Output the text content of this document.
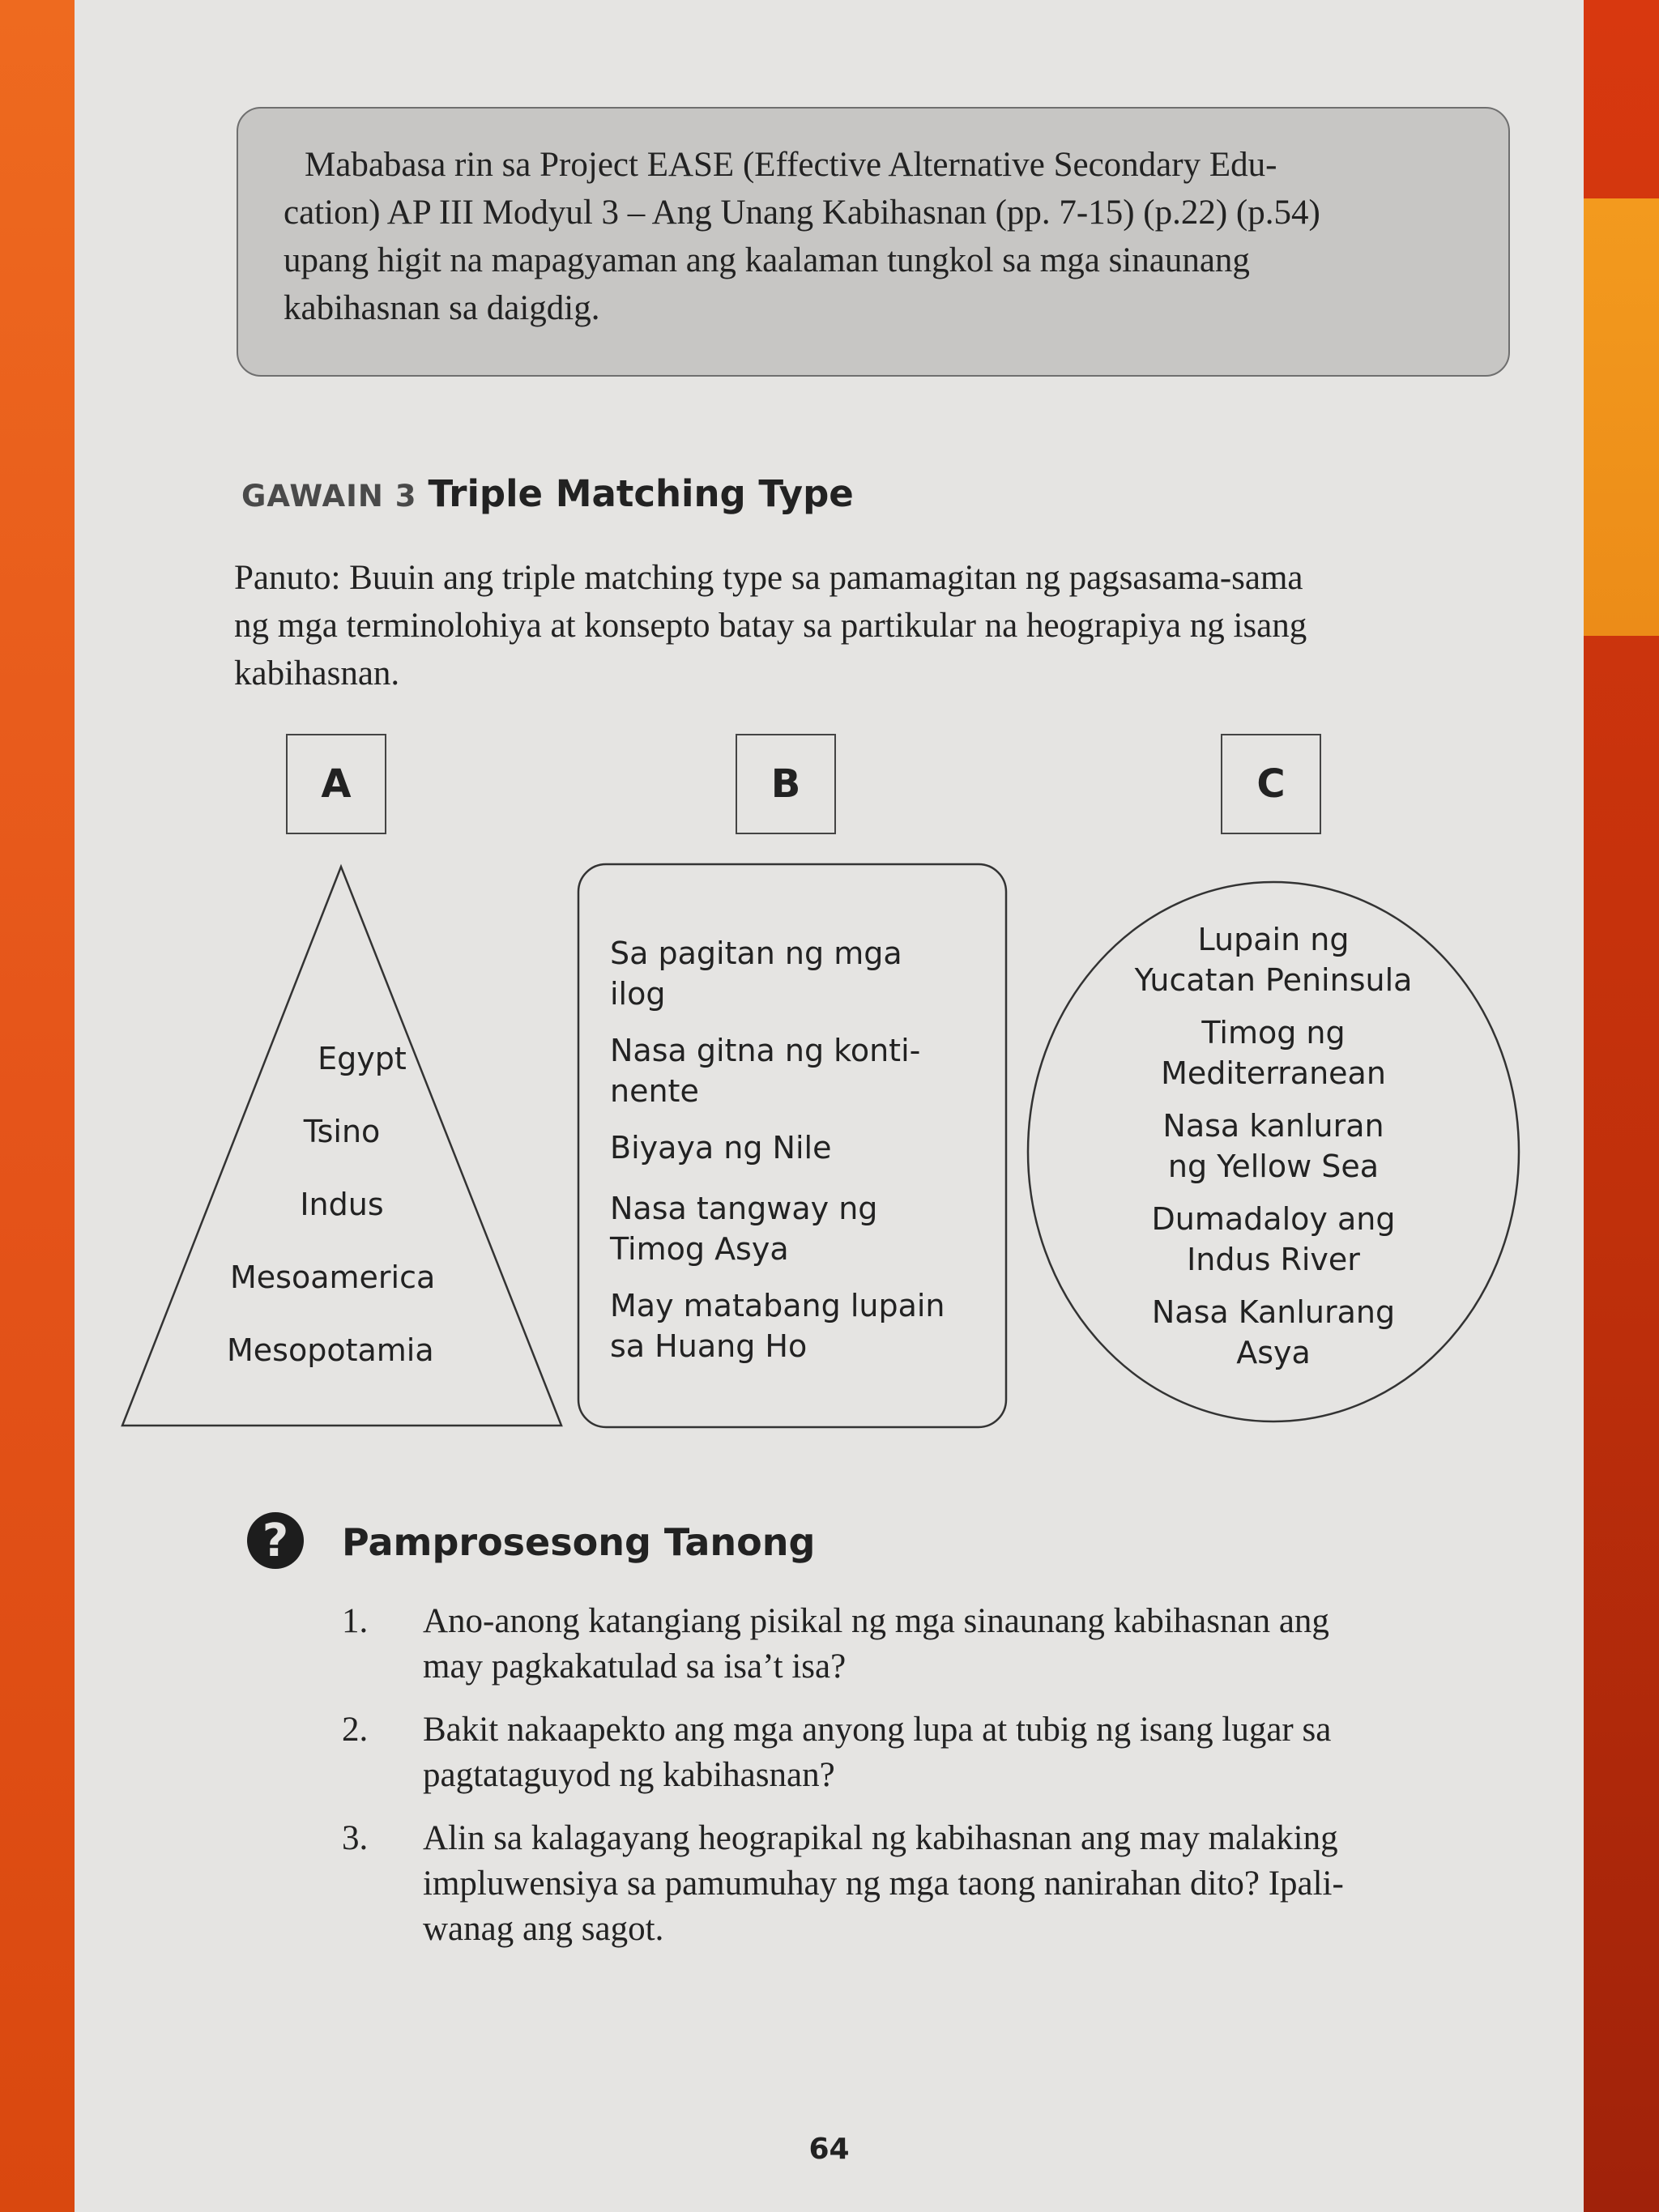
Mababasa rin sa Project EASE (Effective Alternative Secondary Edu-
cation) AP III Modyul 3 – Ang Unang Kabihasnan (pp. 7-15) (p.22) (p.54)
upang higit na mapagyaman ang kaalaman tungkol sa mga sinaunang
kabihasnan sa daigdig.

GAWAIN 3 Triple Matching Type

Panuto: Buuin ang triple matching type sa pamamagitan ng pagsasama-sama
ng mga terminolohiya at konsepto batay sa partikular na heograpiya ng isang
kabihasnan.

A	B	C
Egypt
Tsino
Indus
Mesoamerica
Mesopotamia
Sa pagitan ng mga
ilog
Nasa gitna ng konti-
nente
Biyaya ng Nile
Nasa tangway ng
Timog Asya
May matabang lupain
sa Huang Ho
Lupain ng
Yucatan Peninsula
Timog ng
Mediterranean
Nasa kanluran
ng Yellow Sea
Dumadaloy ang
Indus River
Nasa Kanlurang
Asya
?	Pamprosesong Tanong
1. Ano-anong katangiang pisikal ng mga sinaunang kabihasnan ang
may pagkakatulad sa isa’t isa?
2. Bakit nakaapekto ang mga anyong lupa at tubig ng isang lugar sa
pagtataguyod ng kabihasnan?
3. Alin sa kalagayang heograpikal ng kabihasnan ang may malaking
impluwensiya sa pamumuhay ng mga taong nanirahan dito? Ipali-
wanag ang sagot.
64
